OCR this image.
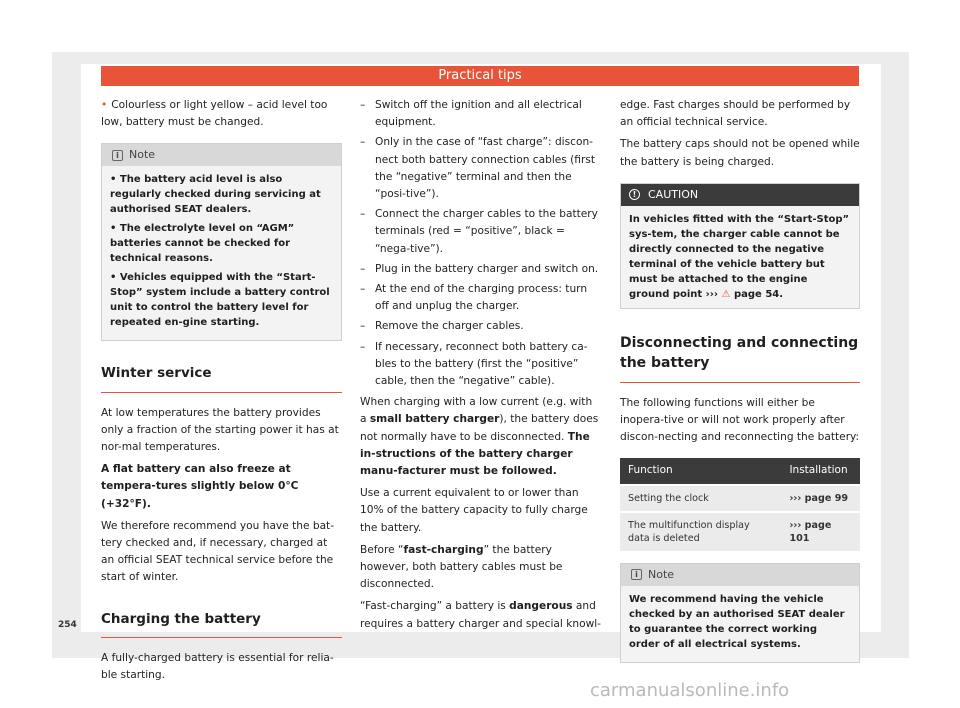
Practical tips

• Colourless or light yellow – acid level too low, battery must be changed.

i Note
• The battery acid level is also regularly checked during servicing at authorised SEAT dealers.
• The electrolyte level on “AGM” batteries cannot be checked for technical reasons.
• Vehicles equipped with the “Start-Stop” system include a battery control unit to control the battery level for repeated en-gine starting.
Winter service

At low temperatures the battery provides only a fraction of the starting power it has at nor-mal temperatures.

A flat battery can also freeze at tempera-tures slightly below 0°C (+32°F).

We therefore recommend you have the bat-tery checked and, if necessary, charged at an official SEAT technical service before the start of winter.

Charging the battery

A fully-charged battery is essential for relia-ble starting.

– Switch off the ignition and all electrical equipment.
– Only in the case of “fast charge”: discon-nect both battery connection cables (first the “negative” terminal and then the “posi-tive”).
– Connect the charger cables to the battery terminals (red = “positive”, black = “nega-tive”).
– Plug in the battery charger and switch on.
– At the end of the charging process: turn off and unplug the charger.
– Remove the charger cables.
– If necessary, reconnect both battery ca-bles to the battery (first the “positive” cable, then the “negative” cable).

When charging with a low current (e.g. with a small battery charger), the battery does not normally have to be disconnected. The in-structions of the battery charger manu-facturer must be followed.

Use a current equivalent to or lower than 10% of the battery capacity to fully charge the battery.

Before “fast-charging” the battery however, both battery cables must be disconnected.

“Fast-charging” a battery is dangerous and requires a battery charger and special knowl-

edge. Fast charges should be performed by an official technical service.

The battery caps should not be opened while the battery is being charged.

! CAUTION
In vehicles fitted with the “Start-Stop” sys-tem, the charger cable cannot be directly connected to the negative terminal of the vehicle battery but must be attached to the engine ground point ››› ⚠ page 54.
Disconnecting and connecting the battery

The following functions will either be inopera-tive or will not work properly after discon-necting and reconnecting the battery:

Function	Installation
Setting the clock	››› page 99
The multifunction display data is deleted	››› page 101
i Note
We recommend having the vehicle checked by an authorised SEAT dealer to guarantee the correct working order of all electrical systems.
254
carmanualsonline.info
